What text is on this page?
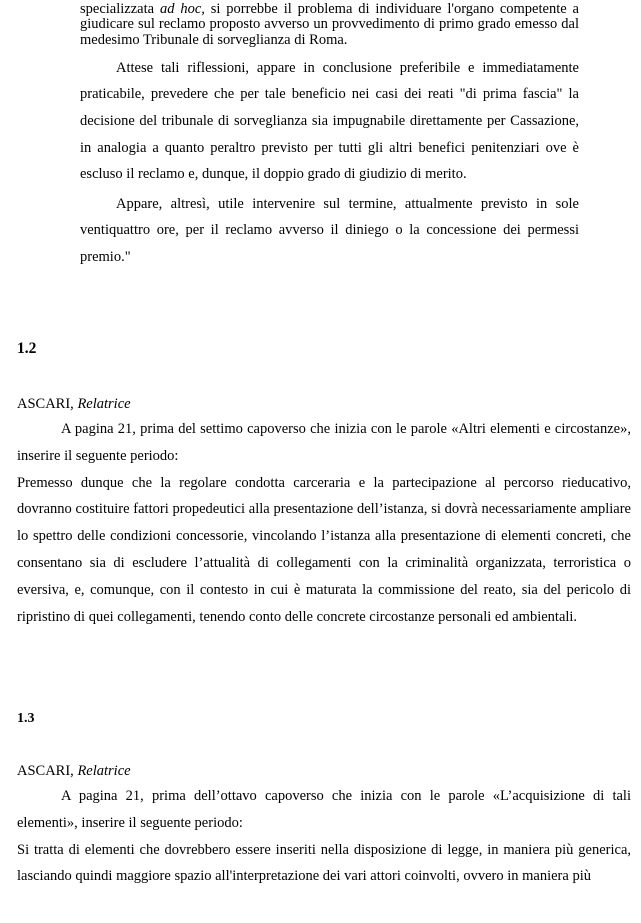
specializzata ad hoc, si porrebbe il problema di individuare l'organo competente a giudicare sul reclamo proposto avverso un provvedimento di primo grado emesso dal medesimo Tribunale di sorveglianza di Roma.

Attese tali riflessioni, appare in conclusione preferibile e immediatamente praticabile, prevedere che per tale beneficio nei casi dei reati "di prima fascia" la decisione del tribunale di sorveglianza sia impugnabile direttamente per Cassazione, in analogia a quanto peraltro previsto per tutti gli altri benefici penitenziari ove è escluso il reclamo e, dunque, il doppio grado di giudizio di merito.

Appare, altresì, utile intervenire sul termine, attualmente previsto in sole ventiquattro ore, per il reclamo avverso il diniego o la concessione dei permessi premio."

1.2

ASCARI, Relatrice

A pagina 21, prima del settimo capoverso che inizia con le parole «Altri elementi e circostanze», inserire il seguente periodo:

Premesso dunque che la regolare condotta carceraria e la partecipazione al percorso rieducativo, dovranno costituire fattori propedeutici alla presentazione dell’istanza, si dovrà necessariamente ampliare lo spettro delle condizioni concessorie, vincolando l’istanza alla presentazione di elementi concreti, che consentano sia di escludere l’attualità di collegamenti con la criminalità organizzata, terroristica o eversiva, e, comunque, con il contesto in cui è maturata la commissione del reato, sia del pericolo di ripristino di quei collegamenti, tenendo conto delle concrete circostanze personali ed ambientali.

1.3

ASCARI, Relatrice

A pagina 21, prima dell’ottavo capoverso che inizia con le parole «L’acquisizione di tali elementi», inserire il seguente periodo:

Si tratta di elementi che dovrebbero essere inseriti nella disposizione di legge, in maniera più generica, lasciando quindi maggiore spazio all'interpretazione dei vari attori coinvolti, ovvero in maniera più
